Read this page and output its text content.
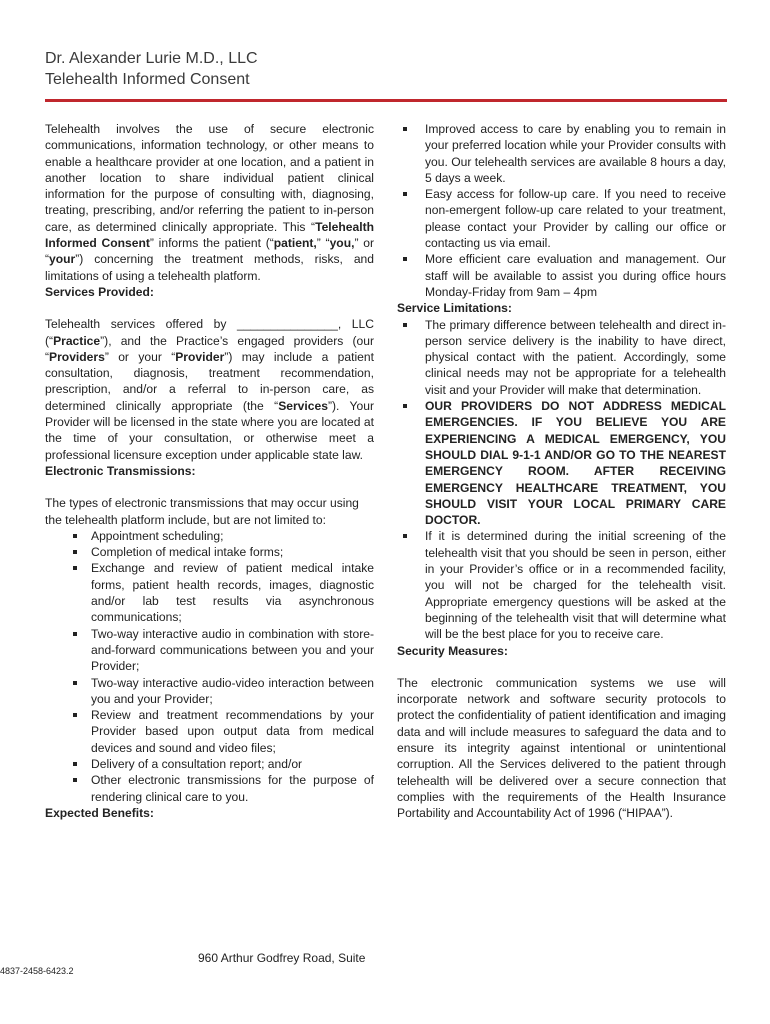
Dr. Alexander Lurie M.D., LLC
Telehealth Informed Consent

Telehealth involves the use of secure electronic communications, information technology, or other means to enable a healthcare provider at one location, and a patient in another location to share individual patient clinical information for the purpose of consulting with, diagnosing, treating, prescribing, and/or referring the patient to in-person care, as determined clinically appropriate. This “Telehealth Informed Consent” informs the patient (“patient,” “you,” or “your”) concerning the treatment methods, risks, and limitations of using a telehealth platform.

Services Provided:

Telehealth services offered by _______________, LLC (“Practice”), and the Practice’s engaged providers (our “Providers” or your “Provider”) may include a patient consultation, diagnosis, treatment recommendation, prescription, and/or a referral to in-person care, as determined clinically appropriate (the “Services”). Your Provider will be licensed in the state where you are located at the time of your consultation, or otherwise meet a professional licensure exception under applicable state law.

Electronic Transmissions:

The types of electronic transmissions that may occur using the telehealth platform include, but are not limited to:

Appointment scheduling;
Completion of medical intake forms;
Exchange and review of patient medical intake forms, patient health records, images, diagnostic and/or lab test results via asynchronous communications;
Two-way interactive audio in combination with store-and-forward communications between you and your Provider;
Two-way interactive audio-video interaction between you and your Provider;
Review and treatment recommendations by your Provider based upon output data from medical devices and sound and video files;
Delivery of a consultation report; and/or
Other electronic transmissions for the purpose of rendering clinical care to you.

Expected Benefits:

Improved access to care by enabling you to remain in your preferred location while your Provider consults with you. Our telehealth services are available 8 hours a day, 5 days a week.
Easy access for follow-up care. If you need to receive non-emergent follow-up care related to your treatment, please contact your Provider by calling our office or contacting us via email.
More efficient care evaluation and management. Our staff will be available to assist you during office hours Monday-Friday from 9am – 4pm

Service Limitations:

The primary difference between telehealth and direct in-person service delivery is the inability to have direct, physical contact with the patient. Accordingly, some clinical needs may not be appropriate for a telehealth visit and your Provider will make that determination.
OUR PROVIDERS DO NOT ADDRESS MEDICAL EMERGENCIES. IF YOU BELIEVE YOU ARE EXPERIENCING A MEDICAL EMERGENCY, YOU SHOULD DIAL 9-1-1 AND/OR GO TO THE NEAREST EMERGENCY ROOM. AFTER RECEIVING EMERGENCY HEALTHCARE TREATMENT, YOU SHOULD VISIT YOUR LOCAL PRIMARY CARE DOCTOR.
If it is determined during the initial screening of the telehealth visit that you should be seen in person, either in your Provider’s office or in a recommended facility, you will not be charged for the telehealth visit. Appropriate emergency questions will be asked at the beginning of the telehealth visit that will determine what will be the best place for you to receive care.

Security Measures:

The electronic communication systems we use will incorporate network and software security protocols to protect the confidentiality of patient identification and imaging data and will include measures to safeguard the data and to ensure its integrity against intentional or unintentional corruption. All the Services delivered to the patient through telehealth will be delivered over a secure connection that complies with the requirements of the Health Insurance Portability and Accountability Act of 1996 (“HIPAA”).

960 Arthur Godfrey Road, Suite
4837-2458-6423.2
